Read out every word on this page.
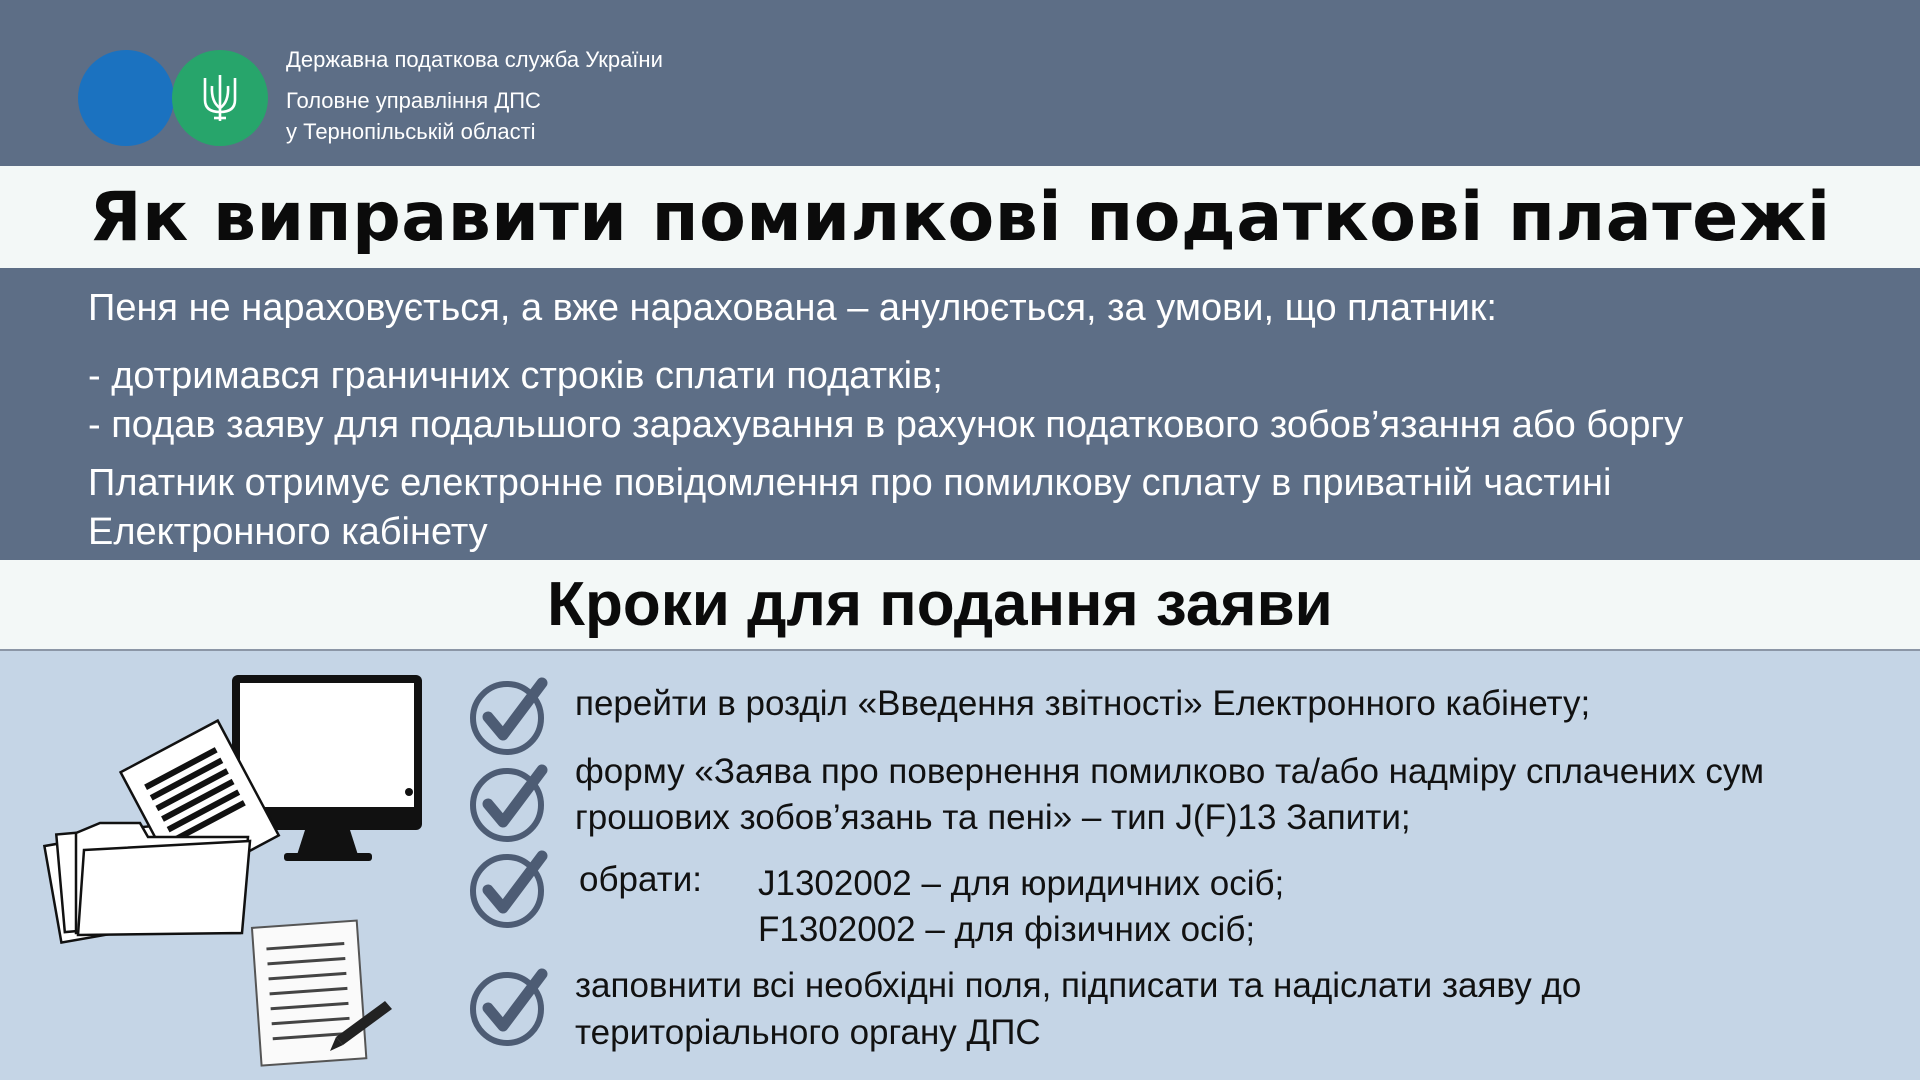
Державна податкова служба України
Головне управління ДПС
у Тернопільській області
Як виправити помилкові податкові платежі

Пеня не нараховується, а вже нарахована – анулюється, за умови, що платник:

- дотримався граничних строків сплати податків;

- подав заяву для подальшого зарахування в рахунок податкового зобов’язання або боргу

Платник отримує електронне повідомлення про помилкову сплату в приватній частині

Електронного кабінету

Кроки для подання заяви
перейти в розділ «Введення звітності» Електронного кабінету;
форму «Заява про повернення помилково та/або надміру сплачених сум
грошових зобов’язань та пені» – тип J(F)13 Запити;
обрати: J1302002 – для юридичних осіб;
F1302002 – для фізичних осіб;
заповнити всі необхідні поля, підписати та надіслати заяву до
територіального органу ДПС
